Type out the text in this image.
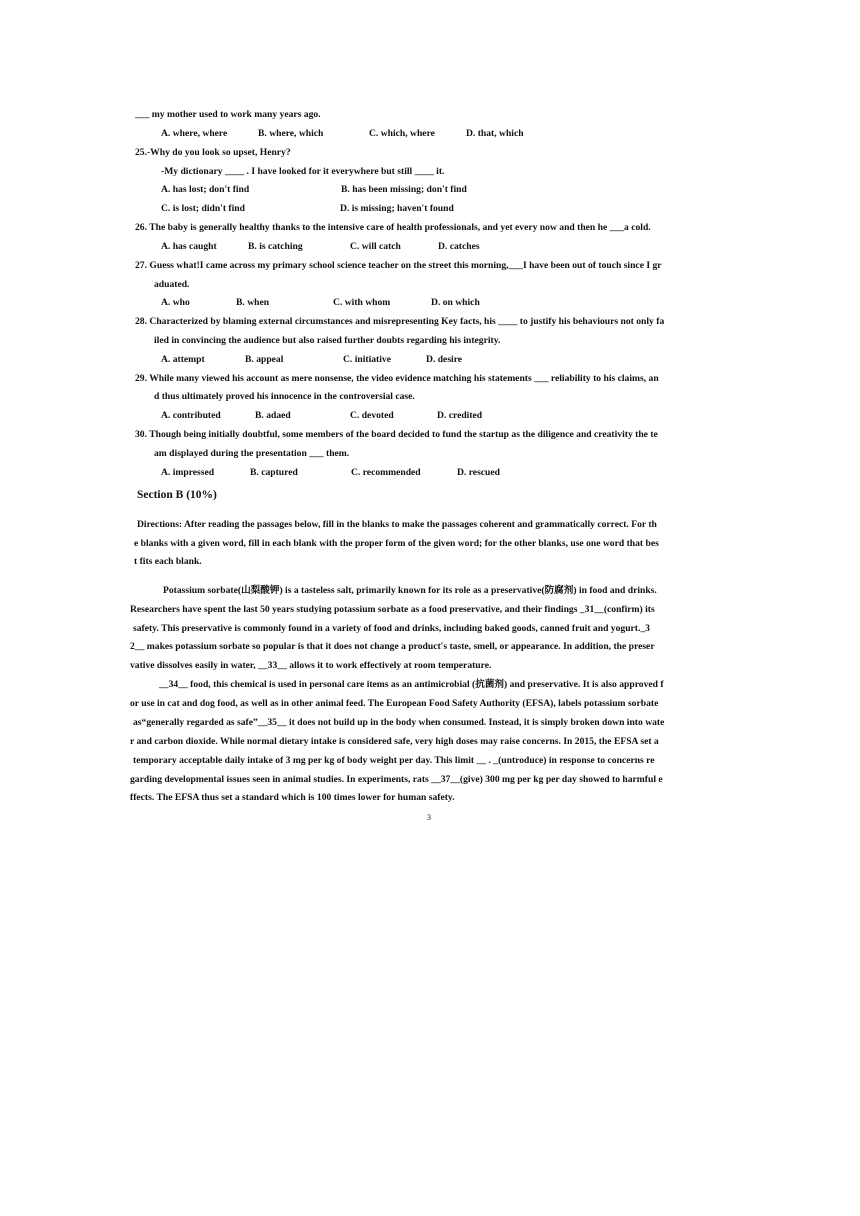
___ my mother used to work many years ago.
A. where, where	B. where, which	C. which, where	D. that, which
25.-Why do you look so upset, Henry?
-My dictionary ____ . I have looked for it everywhere but still ____ it.
A. has lost; don't find	B. has been missing; don't find
C. is lost; didn't find	D. is missing; haven't found
26. The baby is generally healthy thanks to the intensive care of health professionals, and yet every now and then he ___a cold.
A. has caught	B. is catching	C. will catch	D. catches
27. Guess what!I came across my primary school science teacher on the street this morning,___I have been out of touch since I gr
aduated.
A. who	B. when	C. with whom	D. on which
28. Characterized by blaming external circumstances and misrepresenting Key facts, his ____ to justify his behaviours not only fa
iled in convincing the audience but also raised further doubts regarding his integrity.
A. attempt	B. appeal	C. initiative	D. desire
29. While many viewed his account as mere nonsense, the video evidence matching his statements ___ reliability to his claims, an
d thus ultimately proved his innocence in the controversial case.
A. contributed	B. adaed	C. devoted	D. credited
30. Though being initially doubtful, some members of the board decided to fund the startup as the diligence and creativity the te
am displayed during the presentation ___ them.
A. impressed	B. captured	C. recommended	D. rescued
Section B (10%)
Directions: After reading the passages below, fill in the blanks to make the passages coherent and grammatically correct. For th
e blanks with a given word, fill in each blank with the proper form of the given word; for the other blanks, use one word that bes
t fits each blank.
Potassium sorbate(山梨酸钾) is a tasteless salt, primarily known for its role as a preservative(防腐剂) in food and drinks.
Researchers have spent the last 50 years studying potassium sorbate as a food preservative, and their findings _31__(confirm) its
safety. This preservative is commonly found in a variety of food and drinks, including baked goods, canned fruit and yogurt._3
2__ makes potassium sorbate so popular is that it does not change a product's taste, smell, or appearance. In addition, the preser
vative dissolves easily in water, __33__ allows it to work effectively at room temperature.
__34__ food, this chemical is used in personal care items as an antimicrobial (抗菌剂) and preservative. It is also approved f
or use in cat and dog food, as well as in other animal feed. The European Food Safety Authority (EFSA), labels potassium sorbate
as“generally regarded as safe”__35__ it does not build up in the body when consumed. Instead, it is simply broken down into wate
r and carbon dioxide. While normal dietary intake is considered safe, very high doses may raise concerns. In 2015, the EFSA set a
temporary acceptable daily intake of 3 mg per kg of body weight per day. This limit __ . _(untroduce) in response to concerns re
garding developmental issues seen in animal studies. In experiments, rats __37__(give) 300 mg per kg per day showed to harmful e
ffects. The EFSA thus set a standard which is 100 times lower for human safety.
3
